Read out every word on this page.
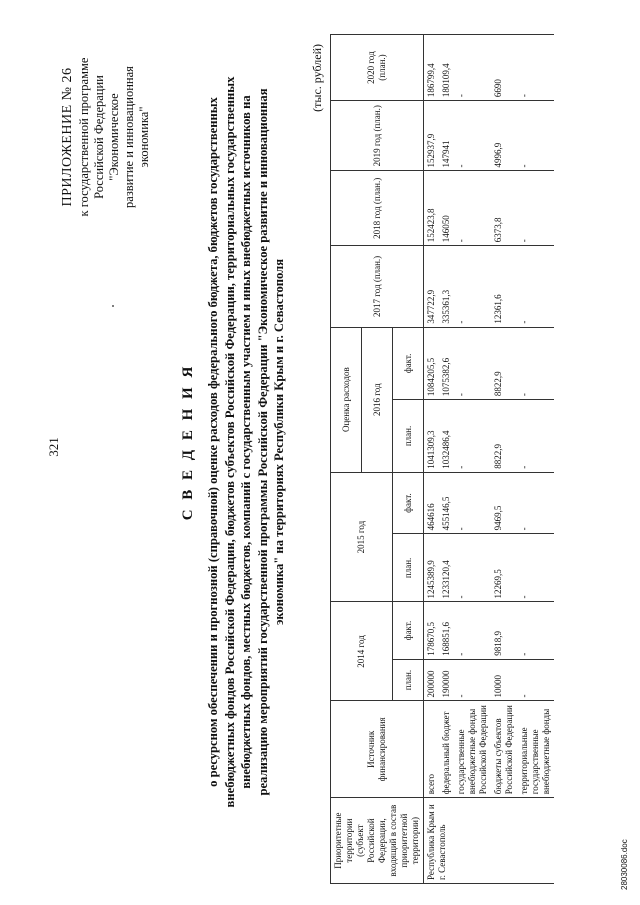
321
ПРИЛОЖЕНИЕ № 26 к государственной программе Российской Федерации "Экономическое развитие и инновационная экономика"
С В Е Д Е Н И Я о ресурсном обеспечении и прогнозной (справочной) оценке расходов федерального бюджета, бюджетов государственных внебюджетных фондов Российской Федерации, бюджетов субъектов Российской Федерации, территориальных государственных внебюджетных фондов, местных бюджетов, компаний с государственным участием и иных внебюджетных источников на реализацию мероприятий государственной программы Российской Федерации "Экономическое развитие и инновационная экономика" на территориях Республики Крым и г. Севастополя
(тыс. рублей)
Приоритетные территории (субъект Российской Федерации, входящий в состав приоритетной территории)	Источник финансирования	2014 год		2015 год		Оценка расходов		2017 год (план.)	2018 год (план.)	2019 год (план.)	2020 год (план.)
						2016 год					
		план.	факт.	план.	факт.	план.	факт.				
Республика Крым и г. Севастополь	всего	200000	178670,5	1245389,9	464616	1041309,3	1084205,5	347722,9	152423,8	152937,9	186799,4
	федеральный бюджет	190000	168851,6	1233120,4	455146,5	1032486,4	1075382,6	335361,3	146050	147941	180109,4
	государственные внебюджетные фонды Российской Федерации	-	-	-	-	-	-	-	-	-	-
	бюджеты субъектов Российской Федерации	10000	9818,9	12269,5	9469,5	8822,9	8822,9	12361,6	6373,8	4996,9	6690
	территориальные государственные внебюджетные фонды	-	-	-	-	-	-	-	-	-	-
28030086.doc
